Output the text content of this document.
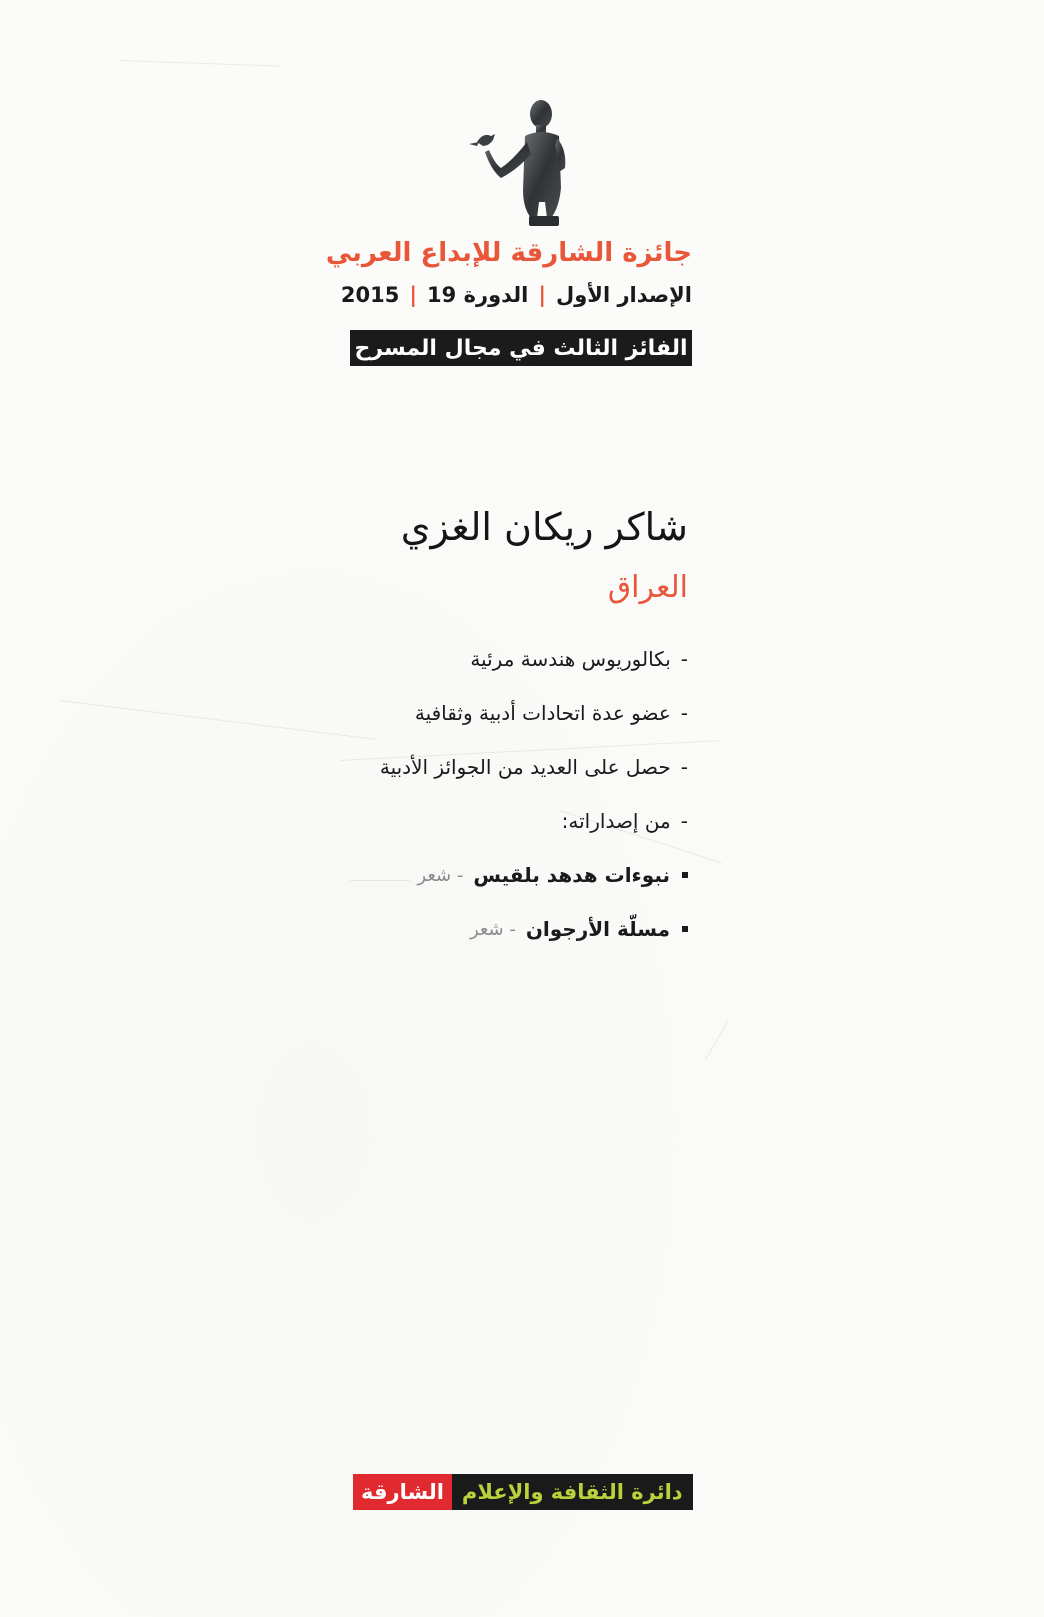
جائزة الشارقة للإبداع العربي
الإصدار الأول
|
الدورة 19
|
2015
الفائز الثالث في مجال المسرح
شاكر ريكان الغزي
العراق
-
بكالوريوس هندسة مرئية
-
عضو عدة اتحادات أدبية وثقافية
-
حصل على العديد من الجوائز الأدبية
-
من إصداراته:
نبوءات هدهد بلقيس
- شعر
مسلّة الأرجوان
- شعر
دائرة الثقافة والإعلام
الشارقة
